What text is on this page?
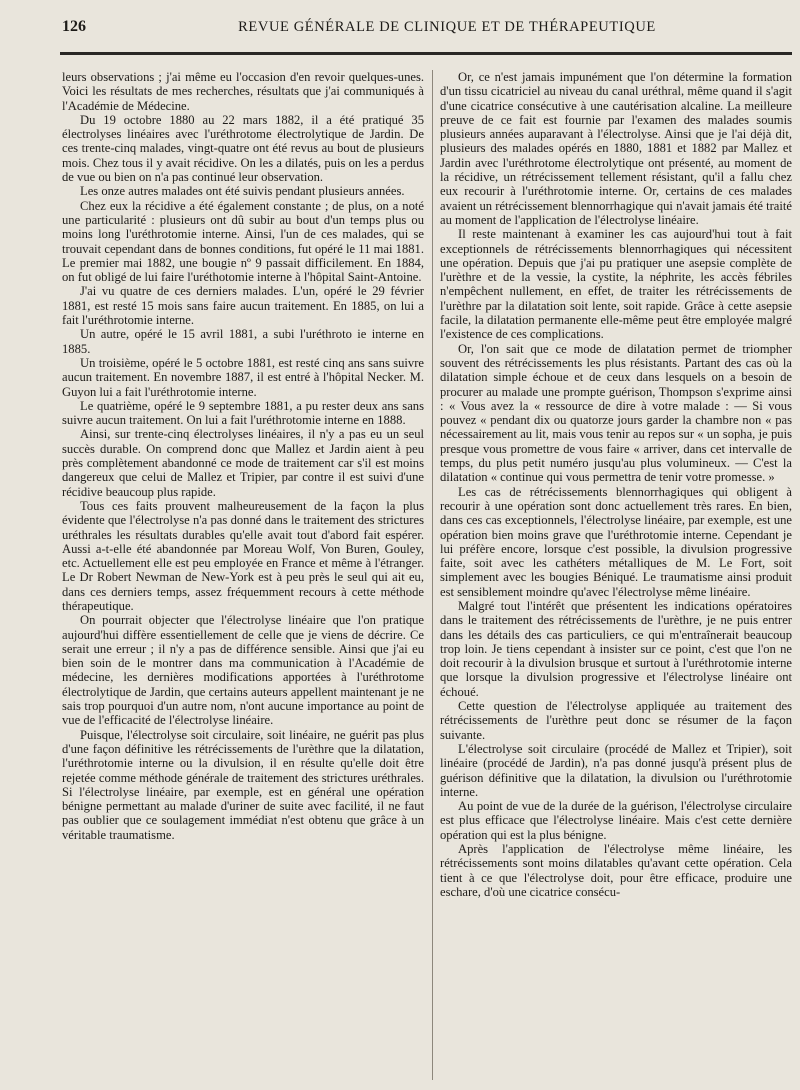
126	REVUE GÉNÉRALE DE CLINIQUE ET DE THÉRAPEUTIQUE

leurs observations ; j'ai même eu l'occasion d'en revoir quelques-unes. Voici les résultats de mes recherches, résultats que j'ai communiqués à l'Académie de Médecine.

Du 19 octobre 1880 au 22 mars 1882, il a été pratiqué 35 électrolyses linéaires avec l'uréthrotome électrolytique de Jardin. De ces trente-cinq malades, vingt-quatre ont été revus au bout de plusieurs mois. Chez tous il y avait récidive. On les a dilatés, puis on les a perdus de vue ou bien on n'a pas continué leur observation.

Les onze autres malades ont été suivis pendant plusieurs années.

Chez eux la récidive a été également constante ; de plus, on a noté une particularité : plusieurs ont dû subir au bout d'un temps plus ou moins long l'uréthrotomie interne. Ainsi, l'un de ces malades, qui se trouvait cependant dans de bonnes conditions, fut opéré le 11 mai 1881. Le premier mai 1882, une bougie nº 9 passait difficilement. En 1884, on fut obligé de lui faire l'uréthotomie interne à l'hôpital Saint-Antoine.

J'ai vu quatre de ces derniers malades. L'un, opéré le 29 février 1881, est resté 15 mois sans faire aucun traitement. En 1885, on lui a fait l'uréthrotomie interne.

Un autre, opéré le 15 avril 1881, a subi l'uréthroto ie interne en 1885.

Un troisième, opéré le 5 octobre 1881, est resté cinq ans sans suivre aucun traitement. En novembre 1887, il est entré à l'hôpital Necker. M. Guyon lui a fait l'uréthrotomie interne.

Le quatrième, opéré le 9 septembre 1881, a pu rester deux ans sans suivre aucun traitement. On lui a fait l'uréthrotomie interne en 1888.

Ainsi, sur trente-cinq électrolyses linéaires, il n'y a pas eu un seul succès durable. On comprend donc que Mallez et Jardin aient à peu près complètement abandonné ce mode de traitement car s'il est moins dangereux que celui de Mallez et Tripier, par contre il est suivi d'une récidive beaucoup plus rapide.

Tous ces faits prouvent malheureusement de la façon la plus évidente que l'électrolyse n'a pas donné dans le traitement des strictures uréthrales les résultats durables qu'elle avait tout d'abord fait espérer. Aussi a-t-elle été abandonnée par Moreau Wolf, Von Buren, Gouley, etc. Actuellement elle est peu employée en France et même à l'étranger. Le Dr Robert Newman de New-York est à peu près le seul qui ait eu, dans ces derniers temps, assez fréquemment recours à cette méthode thérapeutique.

On pourrait objecter que l'électrolyse linéaire que l'on pratique aujourd'hui diffère essentiellement de celle que je viens de décrire. Ce serait une erreur ; il n'y a pas de différence sensible. Ainsi que j'ai eu bien soin de le montrer dans ma communication à l'Académie de médecine, les dernières modifications apportées à l'uréthrotome électrolytique de Jardin, que certains auteurs appellent maintenant je ne sais trop pourquoi d'un autre nom, n'ont aucune importance au point de vue de l'efficacité de l'électrolyse linéaire.

Puisque, l'électrolyse soit circulaire, soit linéaire, ne guérit pas plus d'une façon définitive les rétrécissements de l'urèthre que la dilatation, l'uréthrotomie interne ou la divulsion, il en résulte qu'elle doit être rejetée comme méthode générale de traitement des strictures uréthrales. Si l'électrolyse linéaire, par exemple, est en général une opération bénigne permettant au malade d'uriner de suite avec facilité, il ne faut pas oublier que ce soulagement immédiat n'est obtenu que grâce à un véritable traumatisme.

Or, ce n'est jamais impunément que l'on détermine la formation d'un tissu cicatriciel au niveau du canal uréthral, même quand il s'agit d'une cicatrice consécutive à une cautérisation alcaline. La meilleure preuve de ce fait est fournie par l'examen des malades soumis plusieurs années auparavant à l'électrolyse. Ainsi que je l'ai déjà dit, plusieurs des malades opérés en 1880, 1881 et 1882 par Mallez et Jardin avec l'uréthrotome électrolytique ont présenté, au moment de la récidive, un rétrécissement tellement résistant, qu'il a fallu chez eux recourir à l'uréthrotomie interne. Or, certains de ces malades avaient un rétrécissement blennorrhagique qui n'avait jamais été traité au moment de l'application de l'électrolyse linéaire.

Il reste maintenant à examiner les cas aujourd'hui tout à fait exceptionnels de rétrécissements blennorrhagiques qui nécessitent une opération. Depuis que j'ai pu pratiquer une asepsie complète de l'urèthre et de la vessie, la cystite, la néphrite, les accès fébriles n'empêchent nullement, en effet, de traiter les rétrécissements de l'urèthre par la dilatation soit lente, soit rapide. Grâce à cette asepsie facile, la dilatation permanente elle-même peut être employée malgré l'existence de ces complications.

Or, l'on sait que ce mode de dilatation permet de triompher souvent des rétrécissements les plus résistants. Partant des cas où la dilatation simple échoue et de ceux dans lesquels on a besoin de procurer au malade une prompte guérison, Thompson s'exprime ainsi : « Vous avez la « ressource de dire à votre malade : — Si vous pouvez « pendant dix ou quatorze jours garder la chambre non « pas nécessairement au lit, mais vous tenir au repos sur « un sopha, je puis presque vous promettre de vous faire « arriver, dans cet intervalle de temps, du plus petit numéro jusqu'au plus volumineux. — C'est la dilatation « continue qui vous permettra de tenir votre promesse. »

Les cas de rétrécissements blennorrhagiques qui obligent à recourir à une opération sont donc actuellement très rares. En bien, dans ces cas exceptionnels, l'électrolyse linéaire, par exemple, est une opération bien moins grave que l'uréthrotomie interne. Cependant je lui préfère encore, lorsque c'est possible, la divulsion progressive faite, soit avec les cathéters métalliques de M. Le Fort, soit simplement avec les bougies Béniqué. Le traumatisme ainsi produit est sensiblement moindre qu'avec l'électrolyse même linéaire.

Malgré tout l'intérêt que présentent les indications opératoires dans le traitement des rétrécissements de l'urèthre, je ne puis entrer dans les détails des cas particuliers, ce qui m'entraînerait beaucoup trop loin. Je tiens cependant à insister sur ce point, c'est que l'on ne doit recourir à la divulsion brusque et surtout à l'uréthrotomie interne que lorsque la divulsion progressive et l'électrolyse linéaire ont échoué.

Cette question de l'électrolyse appliquée au traitement des rétrécissements de l'urèthre peut donc se résumer de la façon suivante.

L'électrolyse soit circulaire (procédé de Mallez et Tripier), soit linéaire (procédé de Jardin), n'a pas donné jusqu'à présent plus de guérison définitive que la dilatation, la divulsion ou l'uréthrotomie interne.

Au point de vue de la durée de la guérison, l'électrolyse circulaire est plus efficace que l'électrolyse linéaire. Mais c'est cette dernière opération qui est la plus bénigne.

Après l'application de l'électrolyse même linéaire, les rétrécissements sont moins dilatables qu'avant cette opération. Cela tient à ce que l'électrolyse doit, pour être efficace, produire une eschare, d'où une cicatrice consécu-
